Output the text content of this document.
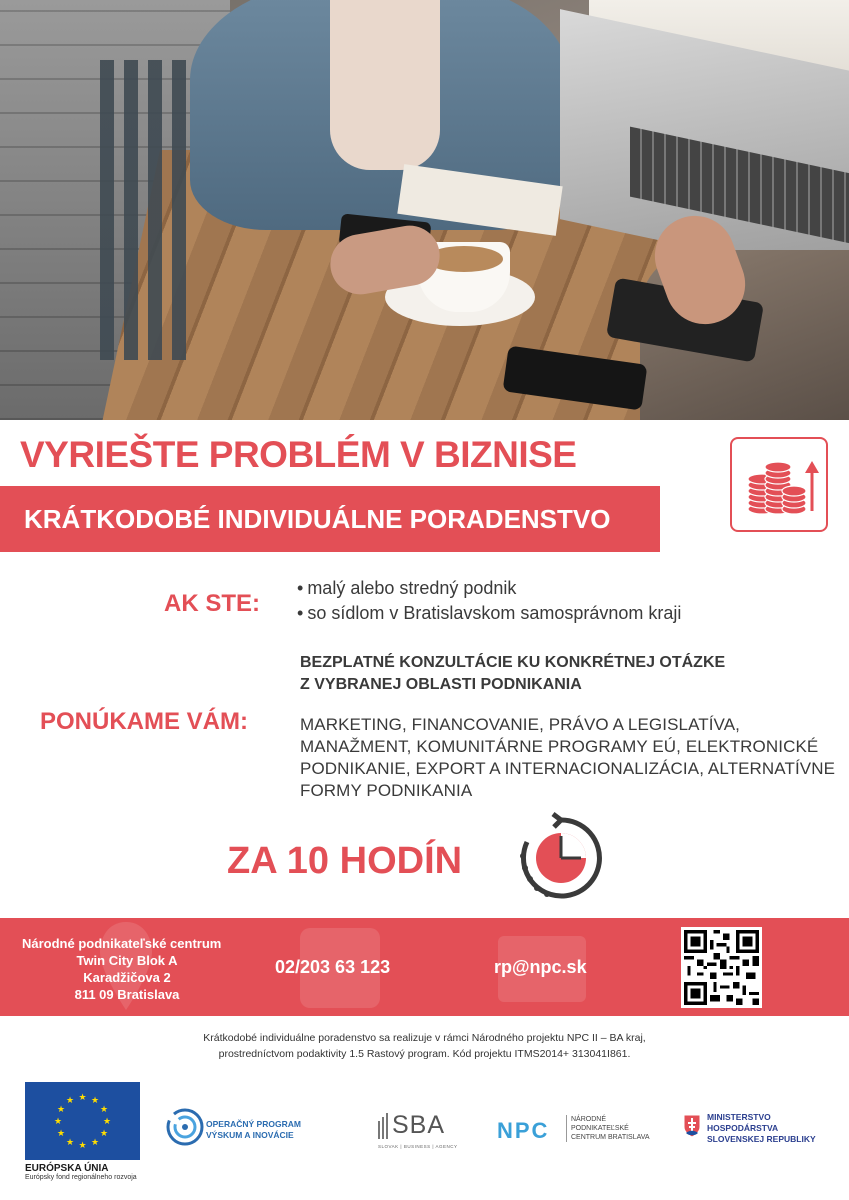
VYRIEŠTE PROBLÉM V BIZNISE
KRÁTKODOBÉ INDIVIDUÁLNE PORADENSTVO
AK STE:
• malý alebo stredný podnik
• so sídlom v Bratislavskom samosprávnom kraji
BEZPLATNÉ KONZULTÁCIE KU KONKRÉTNEJ OTÁZKE
Z VYBRANEJ OBLASTI PODNIKANIA
PONÚKAME VÁM:	MARKETING, FINANCOVANIE, PRÁVO A LEGISLATÍVA, MANAŽMENT, KOMUNITÁRNE PROGRAMY EÚ, ELEKTRONICKÉ PODNIKANIE, EXPORT A INTERNACIONALIZÁCIA, ALTERNATÍVNE FORMY PODNIKANIA
ZA 10 HODÍN
Národné podnikateľské centrum
Twin City Blok A
Karadžičova 2
811 09 Bratislava
02/203 63 123	rp@npc.sk
Krátkodobé individuálne poradenstvo sa realizuje v rámci Národného projektu NPC II – BA kraj,
prostredníctvom podaktivity 1.5 Rastový program. Kód projektu ITMS2014+ 313041I861.
★ ★
★
★
★
★
★
★
★
★
★
★
EURÓPSKA ÚNIA
Európsky fond regionálneho rozvoja
OPERAČNÝ PROGRAM
VÝSKUM A INOVÁCIE	SBA
SLOVAK | BUSINESS | AGENCY
NPC	NÁRODNÉ
PODNIKATEĽSKÉ
CENTRUM BRATISLAVA
MINISTERSTVO
HOSPODÁRSTVA
SLOVENSKEJ REPUBLIKY
